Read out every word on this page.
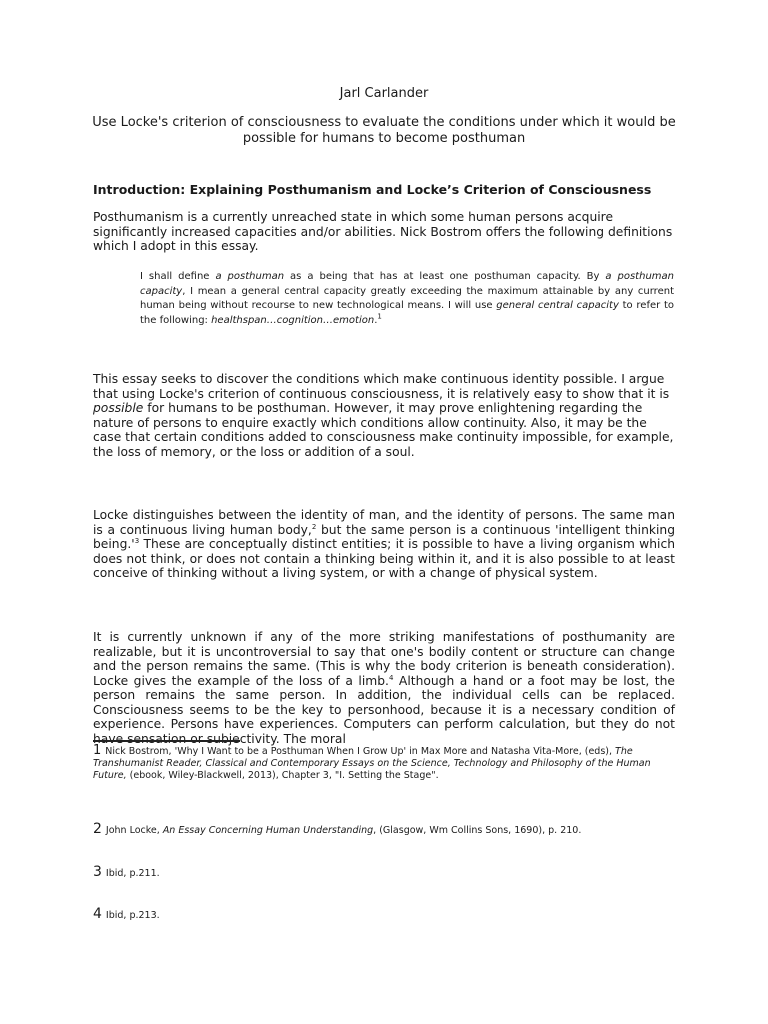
Jarl Carlander
Use Locke's criterion of consciousness to evaluate the conditions under which it would be possible for humans to become posthuman
Introduction: Explaining Posthumanism and Locke’s Criterion of Consciousness
Posthumanism is a currently unreached state in which some human persons acquire significantly increased capacities and/or abilities. Nick Bostrom offers the following definitions which I adopt in this essay.
I shall define a posthuman as a being that has at least one posthuman capacity. By a posthuman capacity, I mean a general central capacity greatly exceeding the maximum attainable by any current human being without recourse to new technological means. I will use general central capacity to refer to the following: healthspan…cognition…emotion.$^1$
This essay seeks to discover the conditions which make continuous identity possible. I argue that using Locke's criterion of continuous consciousness, it is relatively easy to show that it is possible for humans to be posthuman. However, it may prove enlightening regarding the nature of persons to enquire exactly which conditions allow continuity. Also, it may be the case that certain conditions added to consciousness make continuity impossible, for example, the loss of memory, or the loss or addition of a soul.
Locke distinguishes between the identity of man, and the identity of persons. The same man is a continuous living human body,$^2$ but the same person is a continuous 'intelligent thinking $being.'^3$ These are conceptually distinct entities; it is possible to have a living organism which does not think, or does not contain a thinking being within it, and it is also possible to at least conceive of thinking without a living system, or with a change of physical system.
It is currently unknown if any of the more striking manifestations of posthumanity are realizable, but it is uncontroversial to say that one's bodily content or structure can change and the person remains the same. (This is why the body criterion is beneath consideration). Locke gives the example of the loss of a limb.$^4$ Although a hand or a foot may be lost, the person remains the same person. In addition, the individual cells can be replaced. Consciousness seems to be the key to personhood, because it is a necessary condition of experience. Persons have experiences. Computers can perform calculation, but they do not have sensation or subjectivity. The moral
1 Nick Bostrom, 'Why I Want to be a Posthuman When I Grow Up' in Max More and Natasha Vita-More, (eds), The Transhumanist Reader, Classical and Contemporary Essays on the Science, Technology and Philosophy of the Human Future, (ebook, Wiley-Blackwell, 2013), Chapter 3, "I. Setting the Stage".
2 John Locke, An Essay Concerning Human Understanding, (Glasgow, Wm Collins Sons, 1690), p. 210.
3 Ibid, p.211.
4 Ibid, p.213.
